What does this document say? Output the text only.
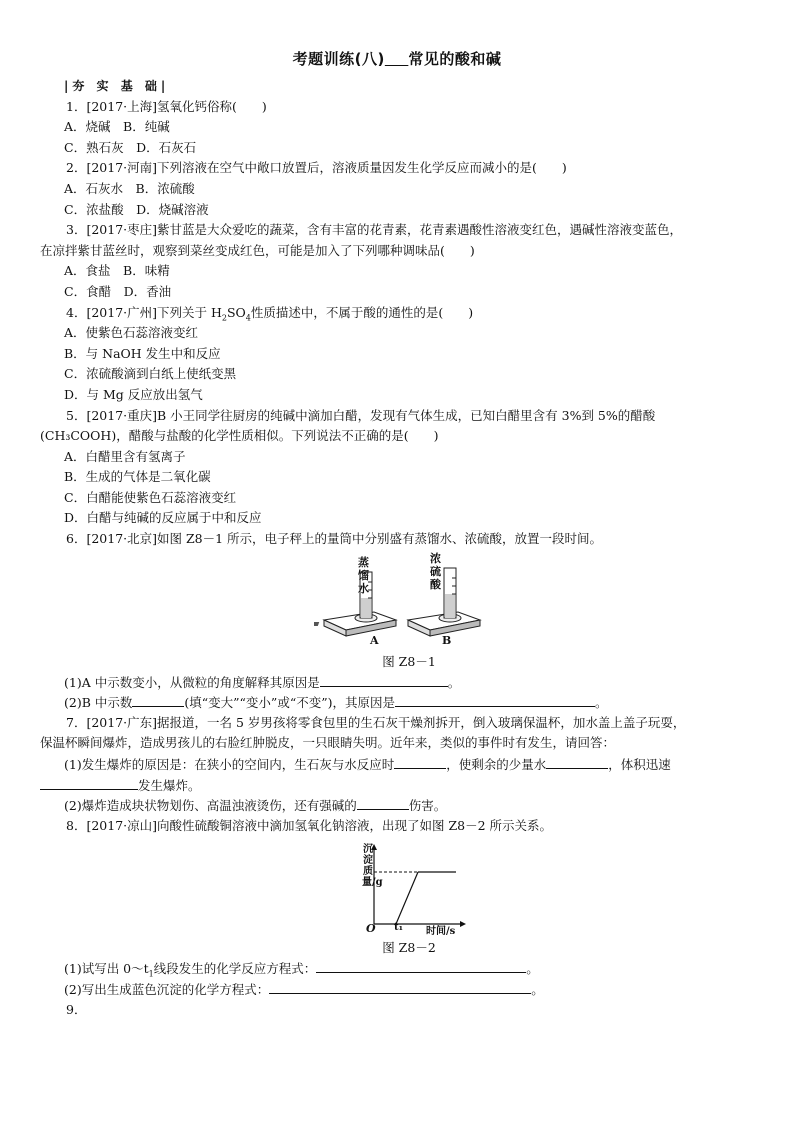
考题训练(八)   常见的酸和碱
|夯 实 基 础|
1．[2017·上海]氢氧化钙俗称(　　)
A．烧碱　B．纯碱
C．熟石灰　D．石灰石
2．[2017·河南]下列溶液在空气中敞口放置后，溶液质量因发生化学反应而减小的是(　　)
A．石灰水　B．浓硫酸
C．浓盐酸　D．烧碱溶液
3．[2017·枣庄]紫甘蓝是大众爱吃的蔬菜，含有丰富的花青素，花青素遇酸性溶液变红色，遇碱性溶液变蓝色，
在凉拌紫甘蓝丝时，观察到菜丝变成红色，可能是加入了下列哪种调味品(　　)
A．食盐　B．味精
C．食醋　D．香油
4．[2017·广州]下列关于 $H_2SO_4$性质描述中，不属于酸的通性的是(　　)
A．使紫色石蕊溶液变红
B．与 NaOH 发生中和反应
C．浓硫酸滴到白纸上使纸变黑
D．与 Mg 反应放出氢气
5．[2017·重庆]B 小王同学往厨房的纯碱中滴加白醋，发现有气体生成，已知白醋里含有 3%到 5%的醋酸
(CH₃COOH)，醋酸与盐酸的化学性质相似。下列说法不正确的是(　　)
A．白醋里含有氢离子
B．生成的气体是二氧化碳
C．白醋能使紫色石蕊溶液变红
D．白醋与纯碱的反应属于中和反应
6．[2017·北京]如图 Z8－1 所示，电子秤上的量筒中分别盛有蒸馏水、浓硫酸，放置一段时间。
蒸馏水
浓硫酸
A	B
图 Z8－1
(1)A 中示数变小，从微粒的角度解释其原因是	。
(2)B 中示数	(填“变大”“变小”或“不变”)，其原因是	。
7．[2017·广东]据报道，一名 5 岁男孩将零食包里的生石灰干燥剂拆开，倒入玻璃保温杯，加水盖上盖子玩耍，
保温杯瞬间爆炸，造成男孩儿的右脸红肿脱皮，一只眼睛失明。近年来，类似的事件时有发生，请回答：
(1)发生爆炸的原因是：在狭小的空间内，生石灰与水反应时	，使剩余的少量水	，体积迅速
发生爆炸。
(2)爆炸造成块状物划伤、高温浊液烫伤，还有强碱的	伤害。
8．[2017·凉山]向酸性硫酸铜溶液中滴加氢氧化钠溶液，出现了如图 Z8－2 所示关系。
沉淀质量/g
O t₁ 时间/s
图 Z8－2
(1)试写出 $0\sim t_1$线段发生的化学反应方程式：	。
(2)写出生成蓝色沉淀的化学方程式：	。
9．
